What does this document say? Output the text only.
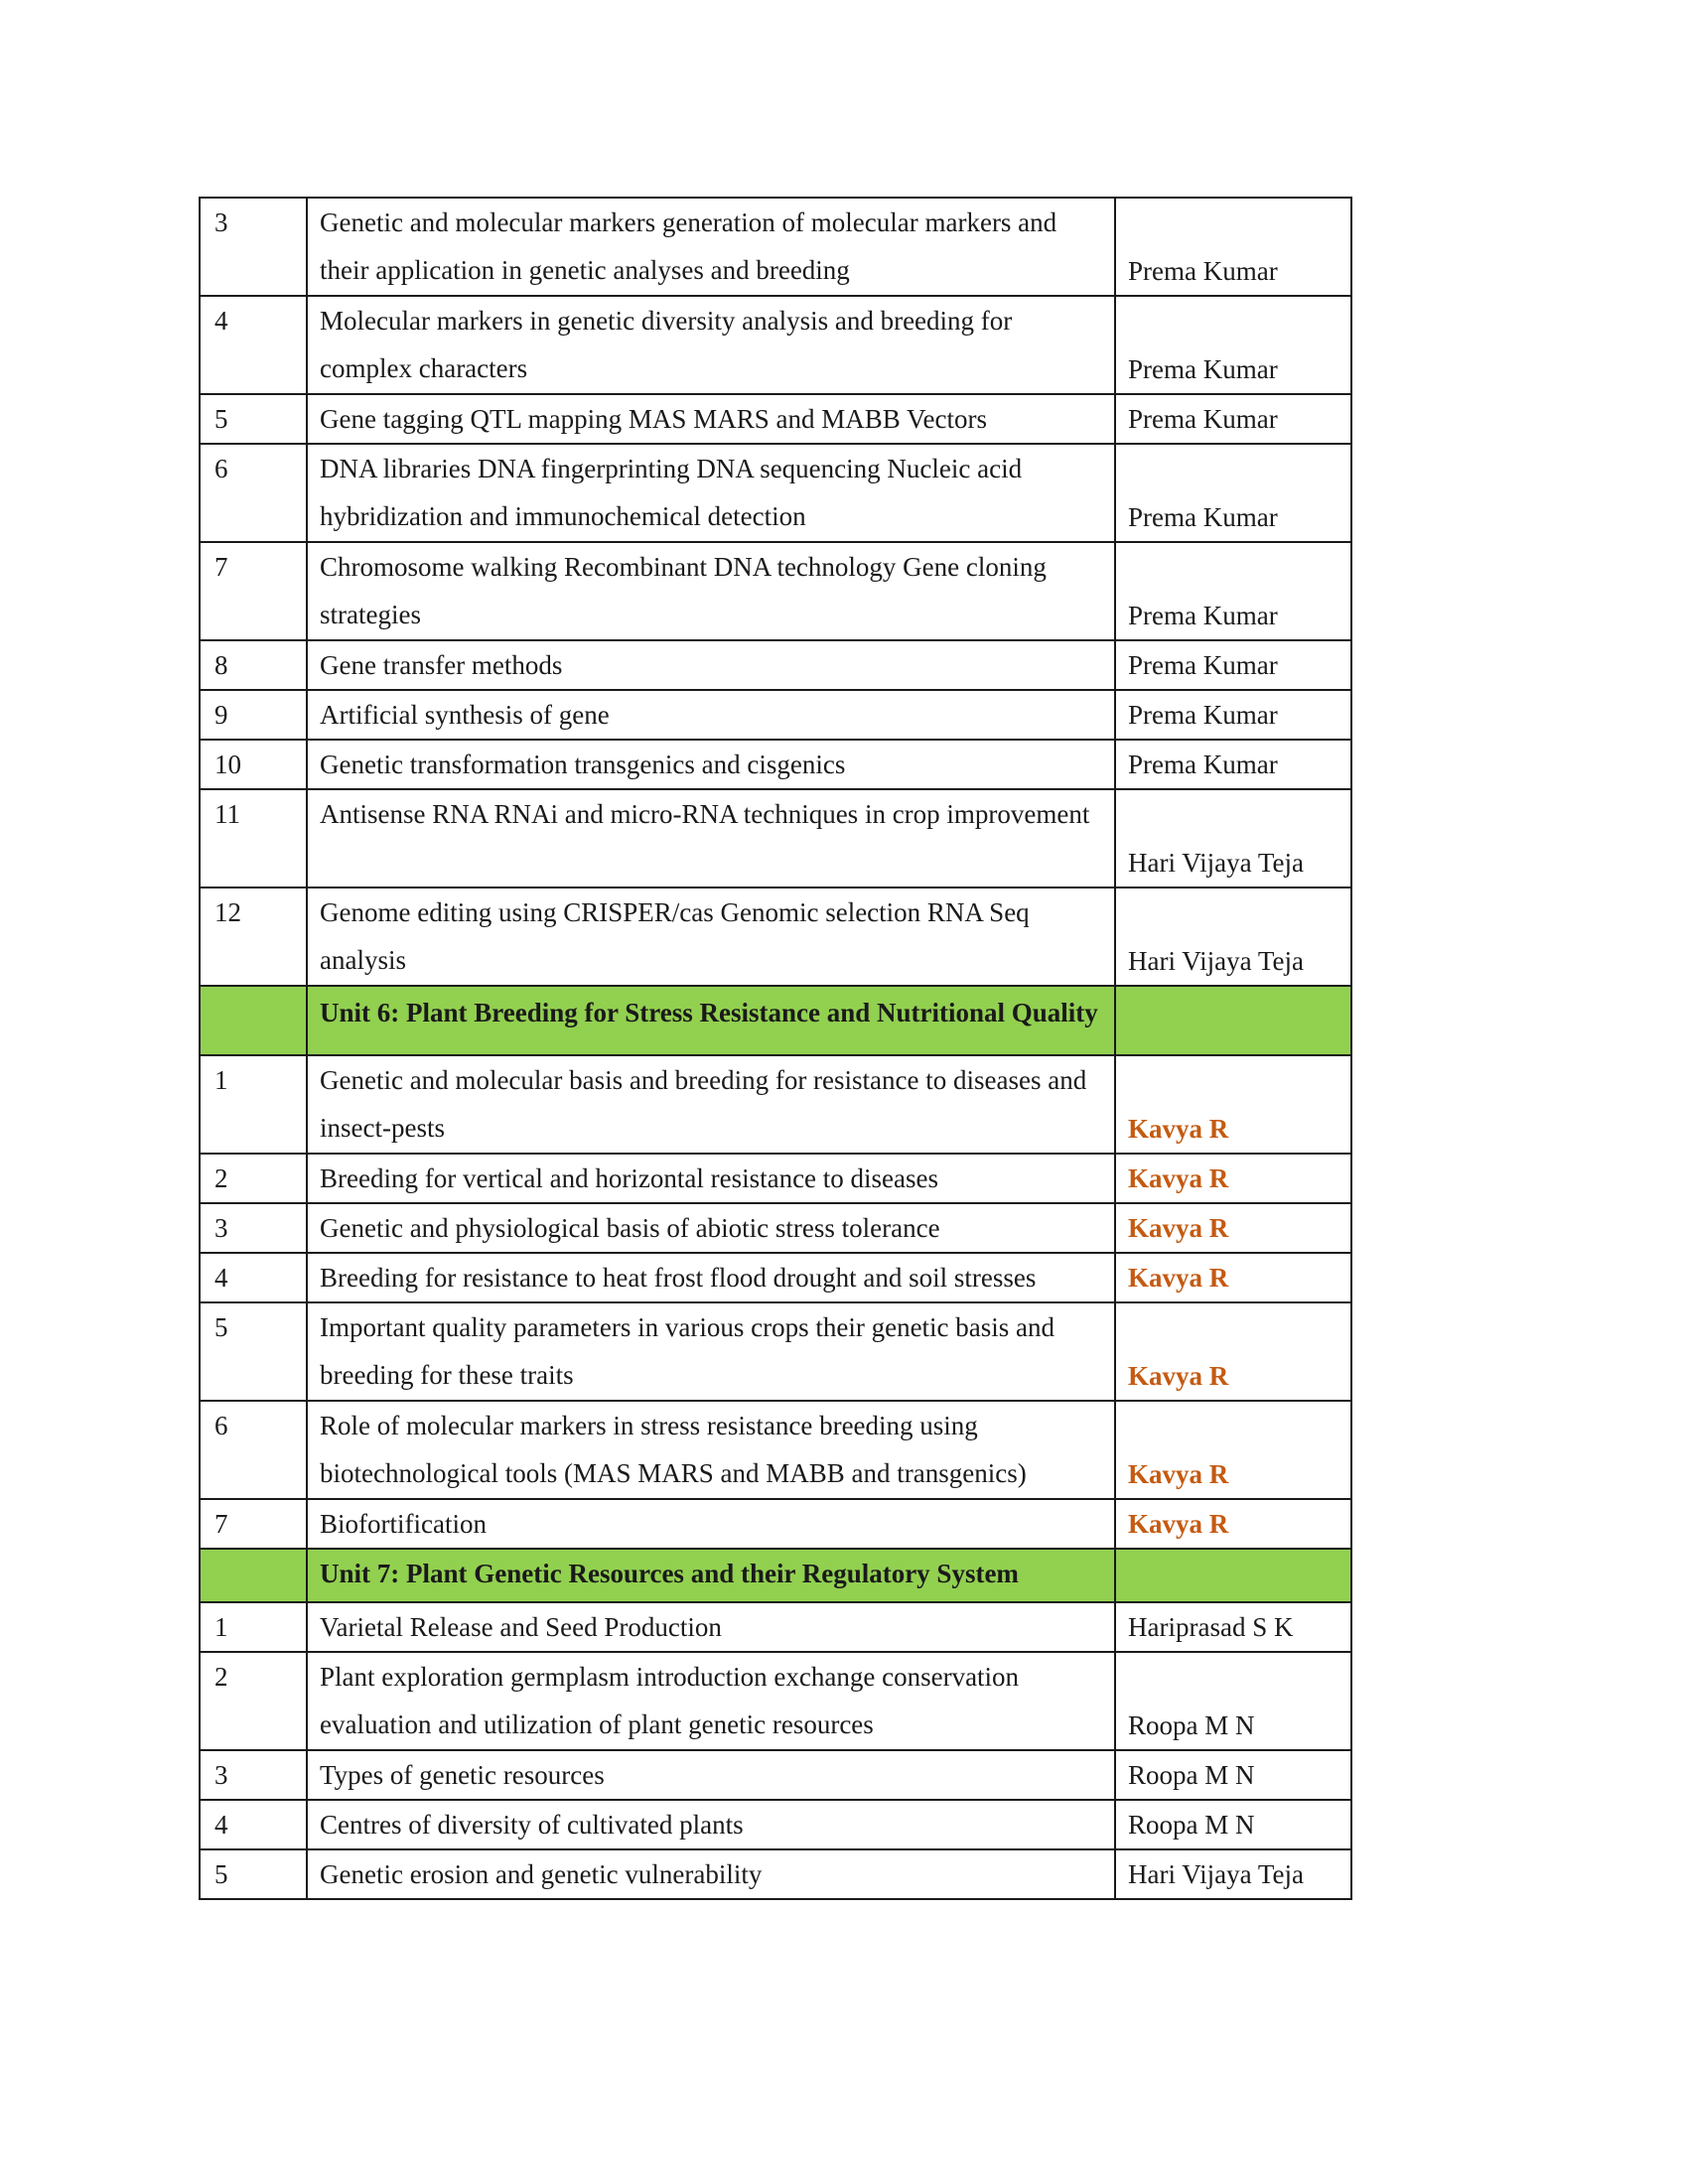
3	Genetic and molecular markers generation of molecular markers and their application in genetic analyses and breeding	Prema Kumar
4	Molecular markers in genetic diversity analysis and breeding for complex characters	Prema Kumar
5	Gene tagging QTL mapping MAS MARS and MABB Vectors	Prema Kumar
6	DNA libraries DNA fingerprinting DNA sequencing Nucleic acid hybridization and immunochemical detection	Prema Kumar
7	Chromosome walking Recombinant DNA technology Gene cloning strategies	Prema Kumar
8	Gene transfer methods	Prema Kumar
9	Artificial synthesis of gene	Prema Kumar
10	Genetic transformation transgenics and cisgenics	Prema Kumar
11	Antisense RNA RNAi and micro-RNA techniques in crop improvement	Hari Vijaya Teja
12	Genome editing using CRISPER/cas Genomic selection RNA Seq analysis	Hari Vijaya Teja
	Unit 6: Plant Breeding for Stress Resistance and Nutritional Quality	
1	Genetic and molecular basis and breeding for resistance to diseases and insect-pests	Kavya R
2	Breeding for vertical and horizontal resistance to diseases	Kavya R
3	Genetic and physiological basis of abiotic stress tolerance	Kavya R
4	Breeding for resistance to heat frost flood drought and soil stresses	Kavya R
5	Important quality parameters in various crops their genetic basis and breeding for these traits	Kavya R
6	Role of molecular markers in stress resistance breeding using biotechnological tools (MAS MARS and MABB and transgenics)	Kavya R
7	Biofortification	Kavya R
	Unit 7: Plant Genetic Resources and their Regulatory System	
1	Varietal Release and Seed Production	Hariprasad S K
2	Plant exploration germplasm introduction exchange conservation evaluation and utilization of plant genetic resources	Roopa M N
3	Types of genetic resources	Roopa M N
4	Centres of diversity of cultivated plants	Roopa M N
5	Genetic erosion and genetic vulnerability	Hari Vijaya Teja
